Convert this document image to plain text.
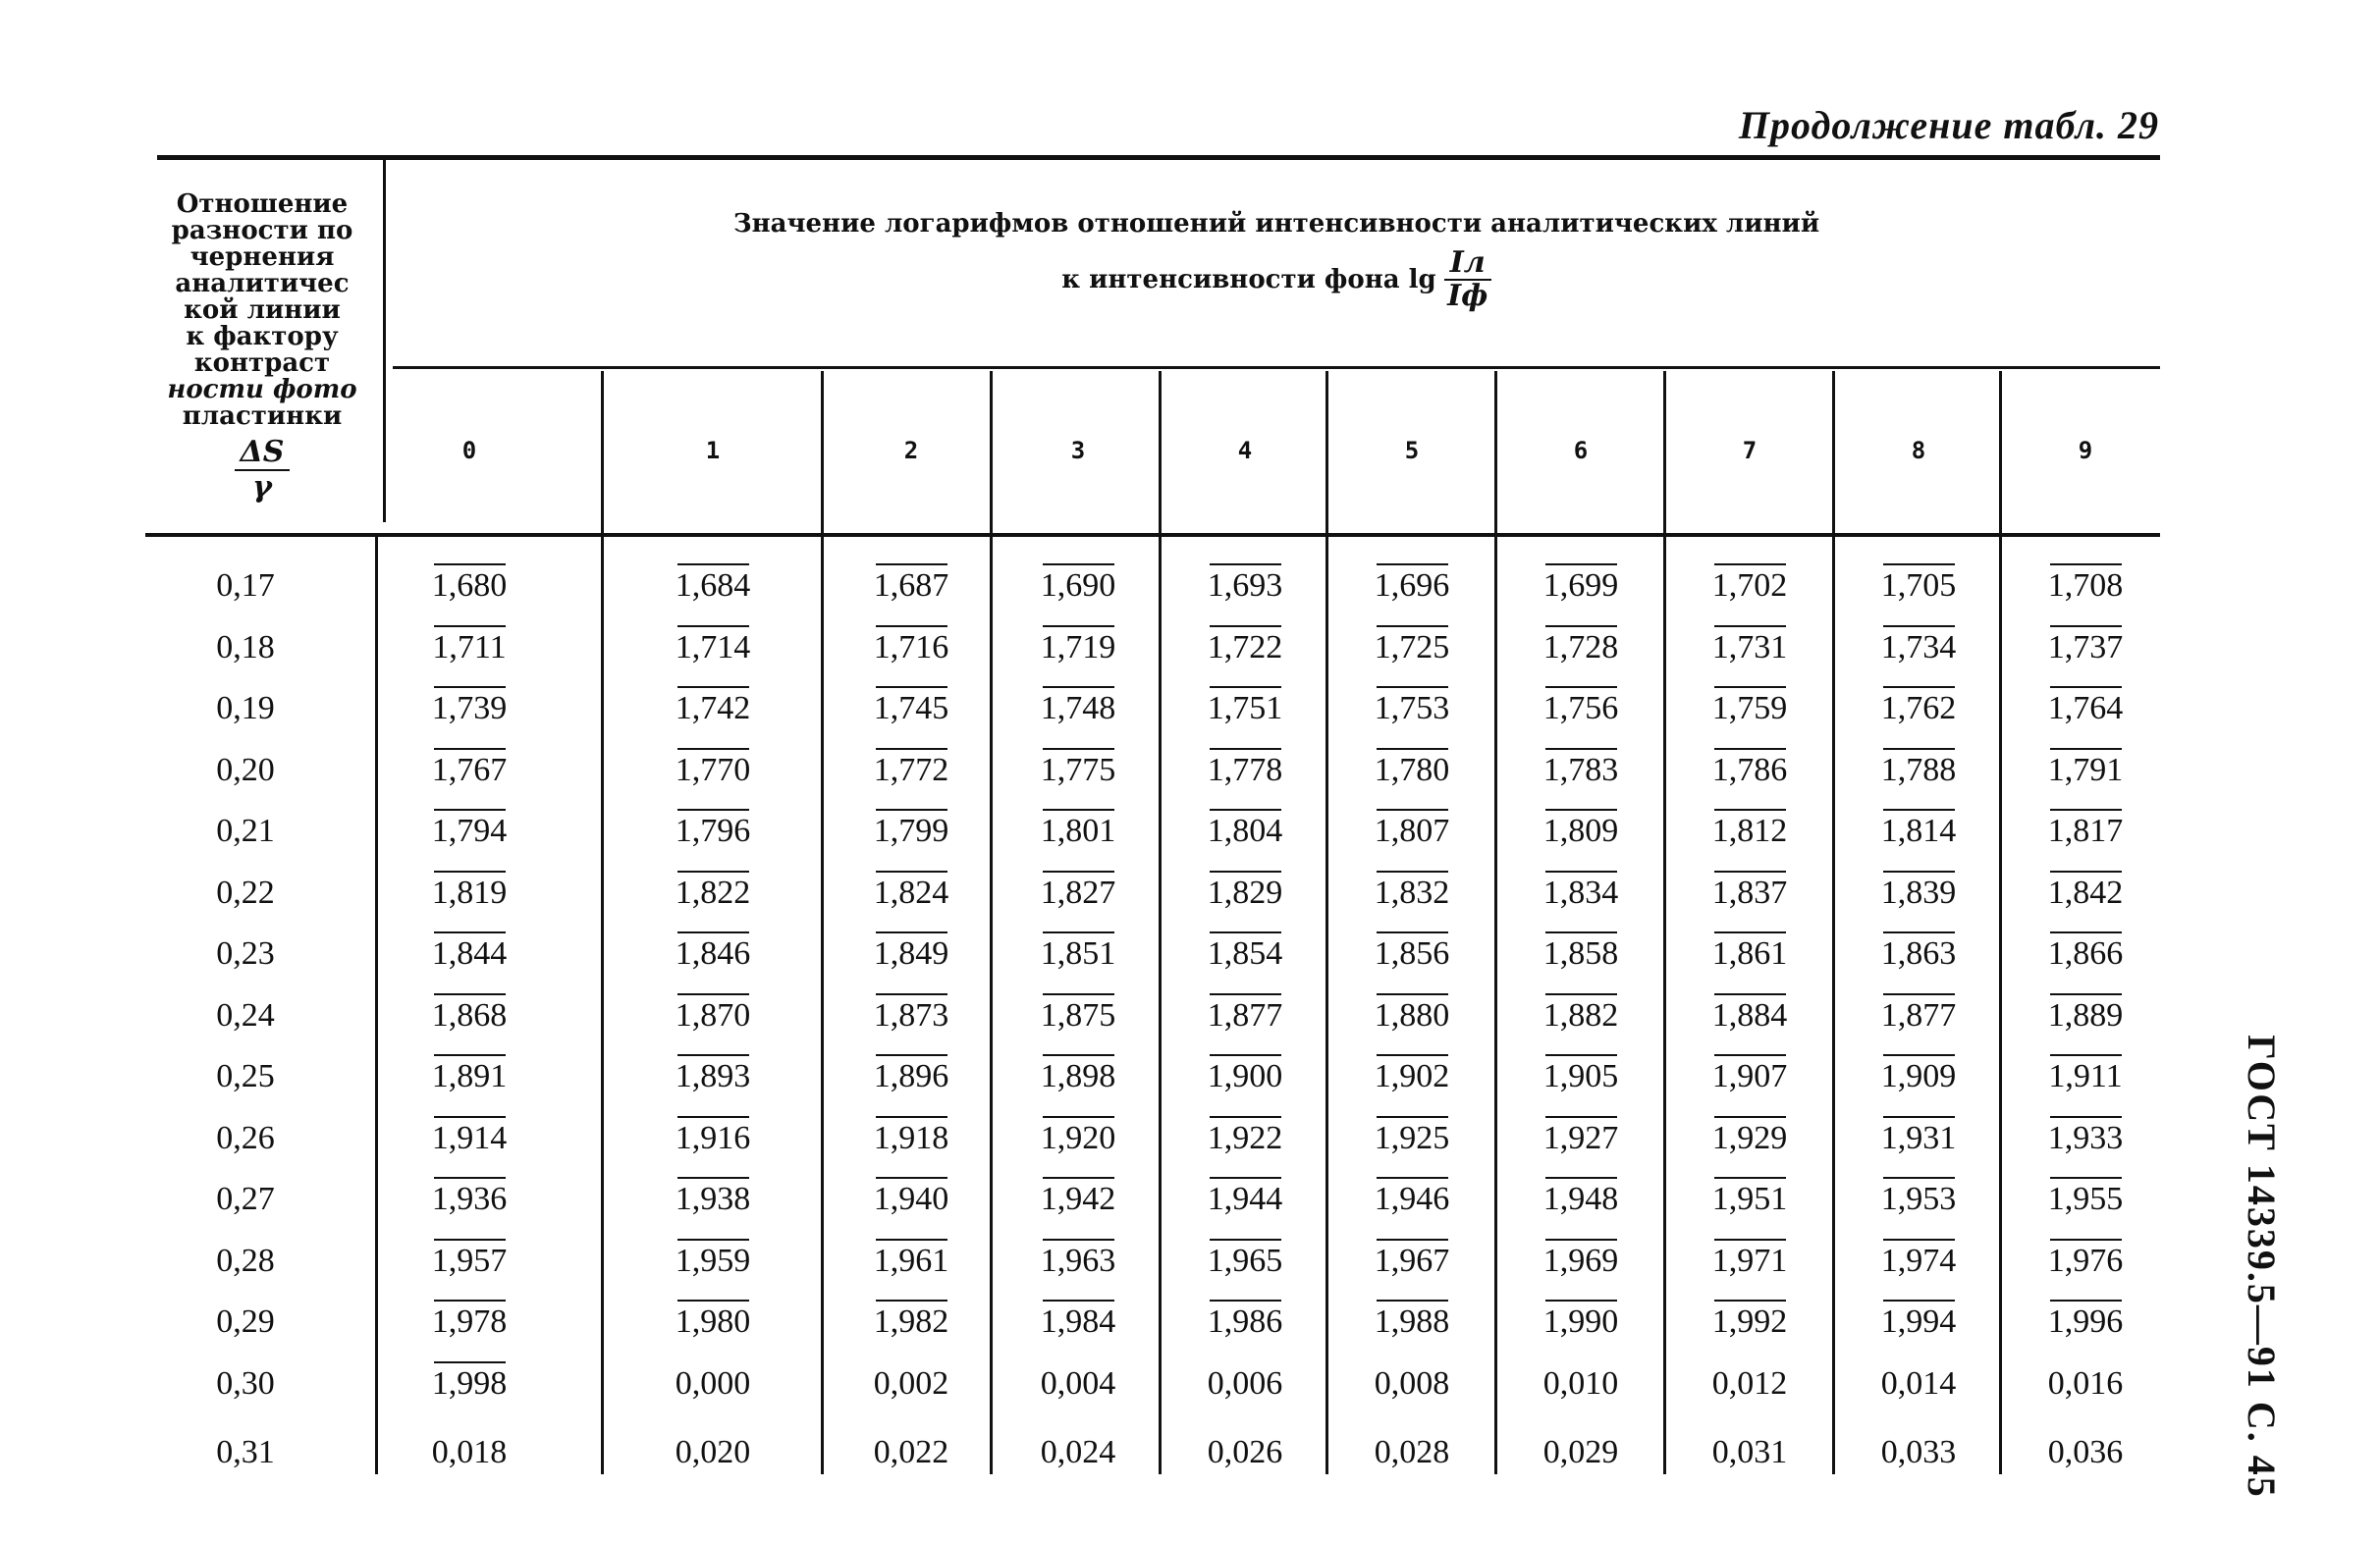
Продолжение табл. 29
Отношение
разности по
чернения
аналитичес
кой линии
к фактору
контраст
ности фото
пластинки
$\frac{\Delta S}{\gamma}$
Значение логарифмов отношений интенсивности аналитических линий
к интенсивности фона $\lg \frac{Iл}{Iф}$
0	1	2	3	4	5	6	7	8	9
0,17	1,680	1,684	1,687	1,690	1,693	1,696	1,699	1,702	1,705	1,708
0,18	1,711	1,714	1,716	1,719	1,722	1,725	1,728	1,731	1,734	1,737
0,19	1,739	1,742	1,745	1,748	1,751	1,753	1,756	1,759	1,762	1,764
0,20	1,767	1,770	1,772	1,775	1,778	1,780	1,783	1,786	1,788	1,791
0,21	1,794	1,796	1,799	1,801	1,804	1,807	1,809	1,812	1,814	1,817
0,22	1,819	1,822	1,824	1,827	1,829	1,832	1,834	1,837	1,839	1,842
0,23	1,844	1,846	1,849	1,851	1,854	1,856	1,858	1,861	1,863	1,866
0,24	1,868	1,870	1,873	1,875	1,877	1,880	1,882	1,884	1,877	1,889
0,25	1,891	1,893	1,896	1,898	1,900	1,902	1,905	1,907	1,909	1,911
0,26	1,914	1,916	1,918	1,920	1,922	1,925	1,927	1,929	1,931	1,933
0,27	1,936	1,938	1,940	1,942	1,944	1,946	1,948	1,951	1,953	1,955
0,28	1,957	1,959	1,961	1,963	1,965	1,967	1,969	1,971	1,974	1,976
0,29	1,978	1,980	1,982	1,984	1,986	1,988	1,990	1,992	1,994	1,996
0,30	1,998	0,000	0,002	0,004	0,006	0,008	0,010	0,012	0,014	0,016
0,31	0,018	0,020	0,022	0,024	0,026	0,028	0,029	0,031	0,033	0,036	ГОСТ 14339.5—91 С. 45
